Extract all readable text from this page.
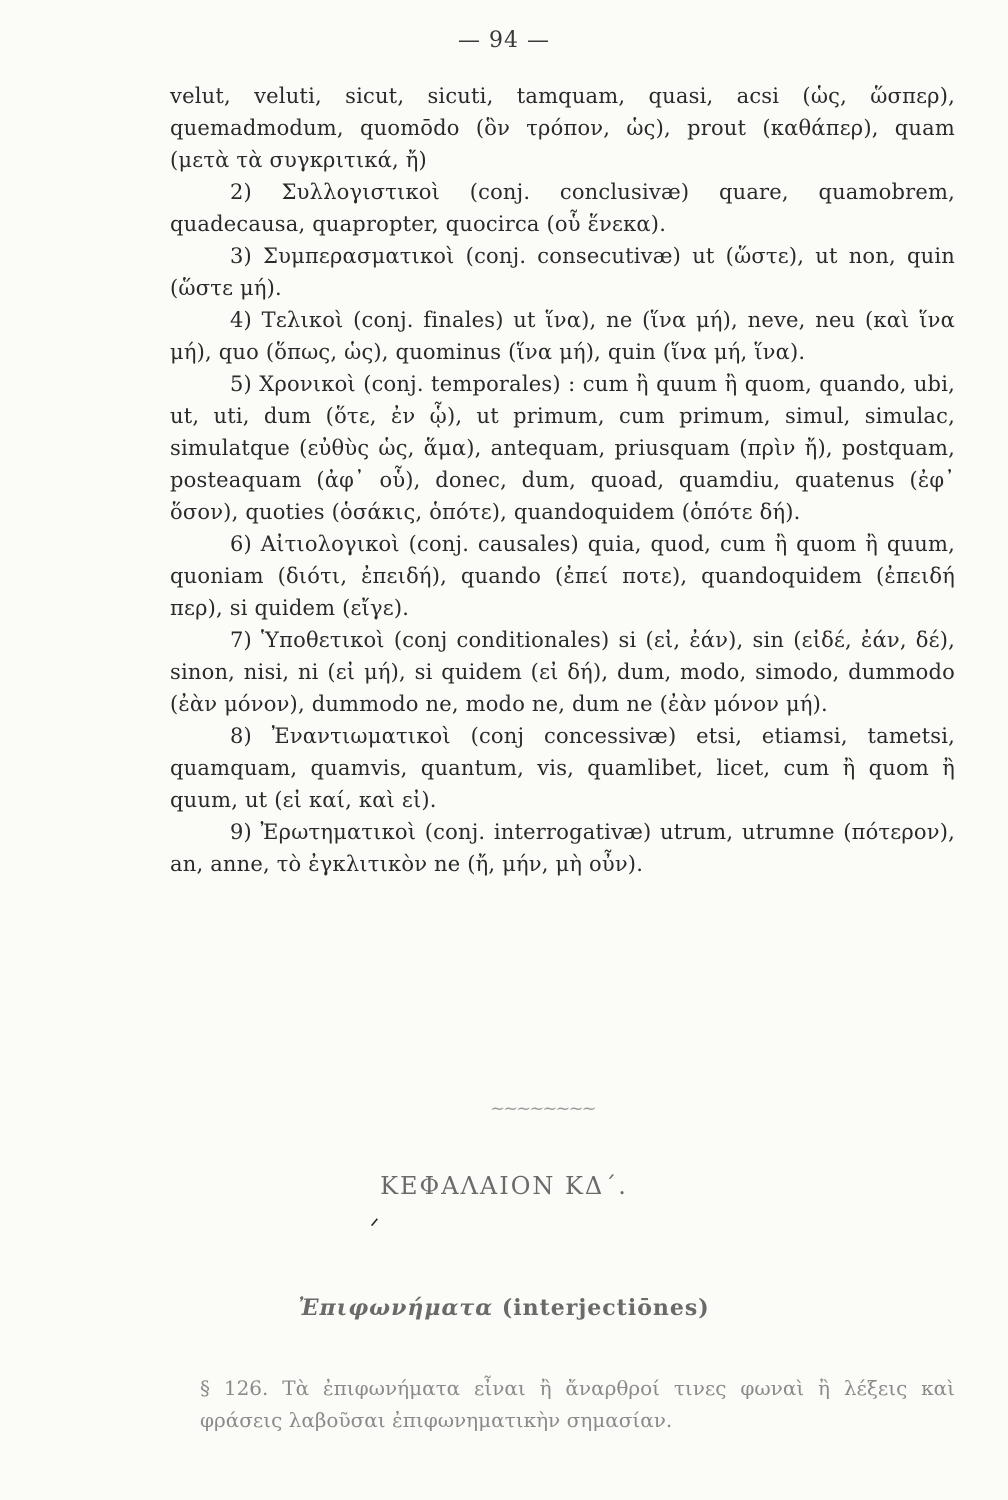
— 94 —

velut, veluti, sicut, sicuti, tamquam, quasi, acsi (ὡς, ὥσπερ), quemadmodum, quomōdo (ὃν τρόπον, ὡς), prout (καθάπερ), quam (μετὰ τὰ συγκριτικά, ἤ)

2) Συλλογιστικοὶ (conj. conclusivæ) quare, quamobrem, quadecausa, quapropter, quocirca (οὗ ἕνεκα).

3) Συμπερασματικοὶ (conj. consecutivæ) ut (ὥστε), ut non, quin (ὥστε μή).

4) Τελικοὶ (conj. finales) ut ἵνα), ne (ἵνα μή), neve, neu (καὶ ἵνα μή), quo (ὅπως, ὡς), quominus (ἵνα μή), quin (ἵνα μή, ἵνα).

5) Χρονικοὶ (conj. temporales) : cum ἢ quum ἢ quom, quando, ubi, ut, uti, dum (ὅτε, ἐν ᾧ), ut primum, cum primum, simul, simulac, simulatque (εὐθὺς ὡς, ἅμα), antequam, priusquam (πρὶν ἤ), postquam, posteaquam (ἀφ᾽ οὗ), donec, dum, quoad, quamdiu, quatenus (ἐφ᾽ ὅσον), quoties (ὁσάκις, ὁπότε), quandoquidem (ὁπότε δή).

6) Αἰτιολογικοὶ (conj. causales) quia, quod, cum ἢ quom ἢ quum, quoniam (διότι, ἐπειδή), quando (ἐπεί ποτε), quandoquidem (ἐπειδή περ), si quidem (εἴγε).

7) Ὑποθετικοὶ (conj conditionales) si (εἰ, ἐάν), sin (εἰδέ, ἐάν, δέ), sinon, nisi, ni (εἰ μή), si quidem (εἰ δή), dum, modo, simodo, dummodo (ἐὰν μόνον), dummodo ne, modo ne, dum ne (ἐὰν μόνον μή).

8) Ἐναντιωματικοὶ (conj concessivæ) etsi, etiamsi, tametsi, quamquam, quamvis, quantum, vis, quamlibet, licet, cum ἢ quom ἢ quum, ut (εἰ καί, καὶ εἰ).

9) Ἐρωτηματικοὶ (conj. interrogativæ) utrum, utrumne (πότερον), an, anne, τὸ ἐγκλιτικὸν ne (ἤ, μήν, μὴ οὖν).

~~~~~~~~
ΚΕΦΑΛΑΙΟΝ ΚΔ΄.
ᐟ
Ἐπιφωνήματα (interjectiōnes)

§ 126. Τὰ ἐπιφωνήματα εἶναι ἢ ἄναρθροί τινες φωναὶ ἢ λέξεις καὶ φράσεις λαβοῦσαι ἐπιφωνηματικὴν σημασίαν.
